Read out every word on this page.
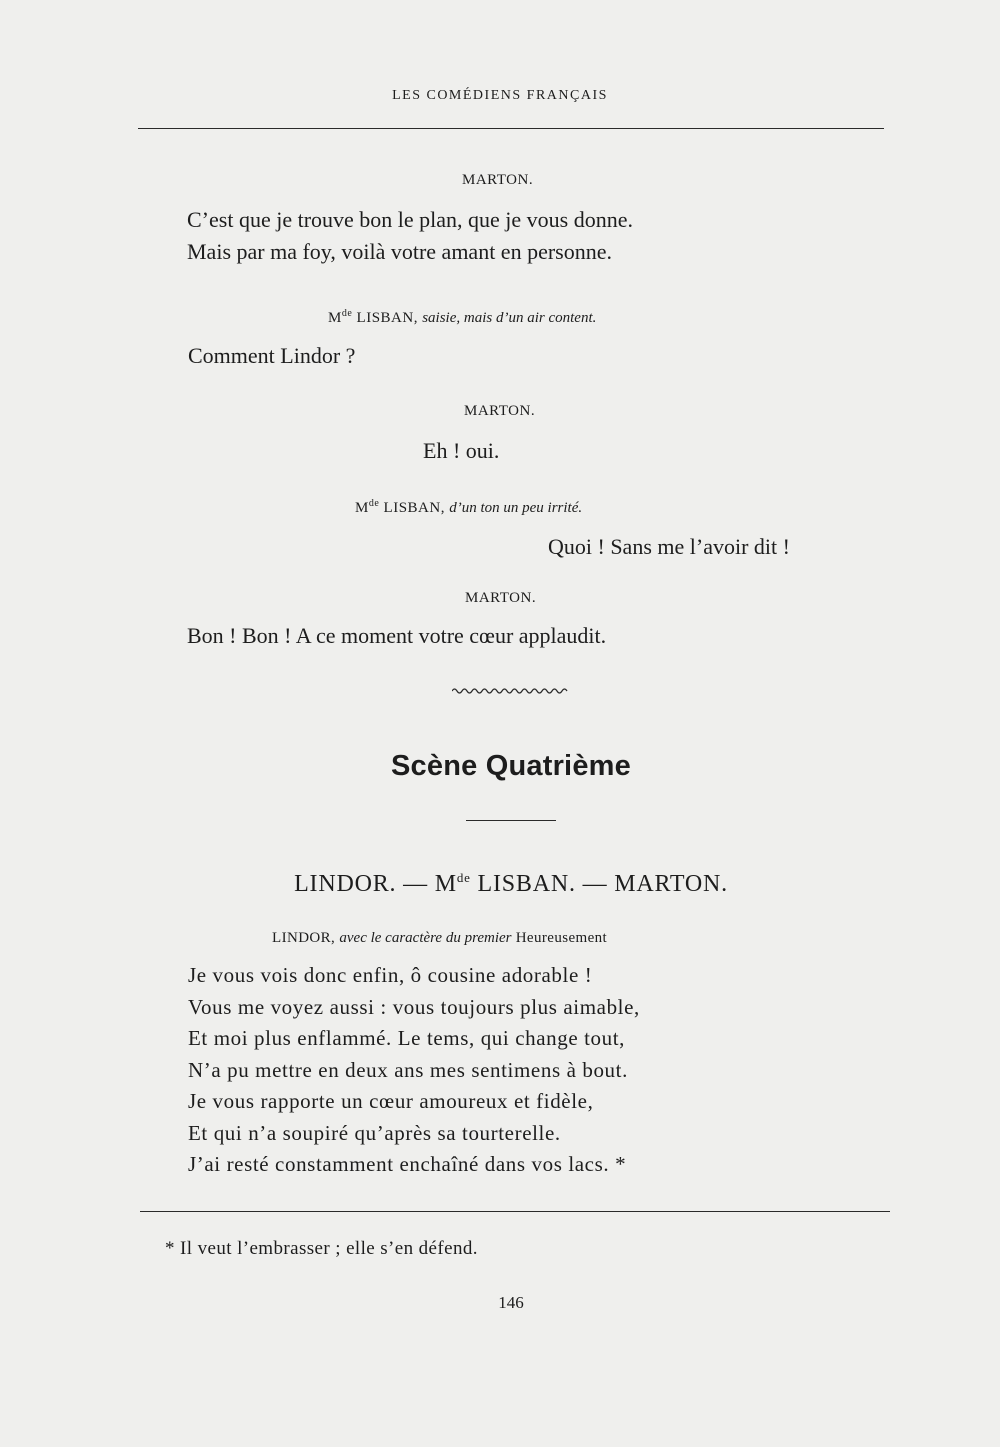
LES COMÉDIENS FRANÇAIS
MARTON.
C’est que je trouve bon le plan, que je vous donne.
Mais par ma foy, voilà votre amant en personne.
Mde LISBAN, saisie, mais d’un air content.
Comment Lindor ?
MARTON.
Eh ! oui.
Mde LISBAN, d’un ton un peu irrité.
Quoi ! Sans me l’avoir dit !
MARTON.
Bon ! Bon ! A ce moment votre cœur applaudit.
Scène Quatrième
LINDOR. — Mde LISBAN. — MARTON.
LINDOR, avec le caractère du premier Heureusement
Je vous vois donc enfin, ô cousine adorable !
Vous me voyez aussi : vous toujours plus aimable,
Et moi plus enflammé. Le tems, qui change tout,
N’a pu mettre en deux ans mes sentimens à bout.
Je vous rapporte un cœur amoureux et fidèle,
Et qui n’a soupiré qu’après sa tourterelle.
J’ai resté constamment enchaîné dans vos lacs. *
* Il veut l’embrasser ; elle s’en défend.
146
